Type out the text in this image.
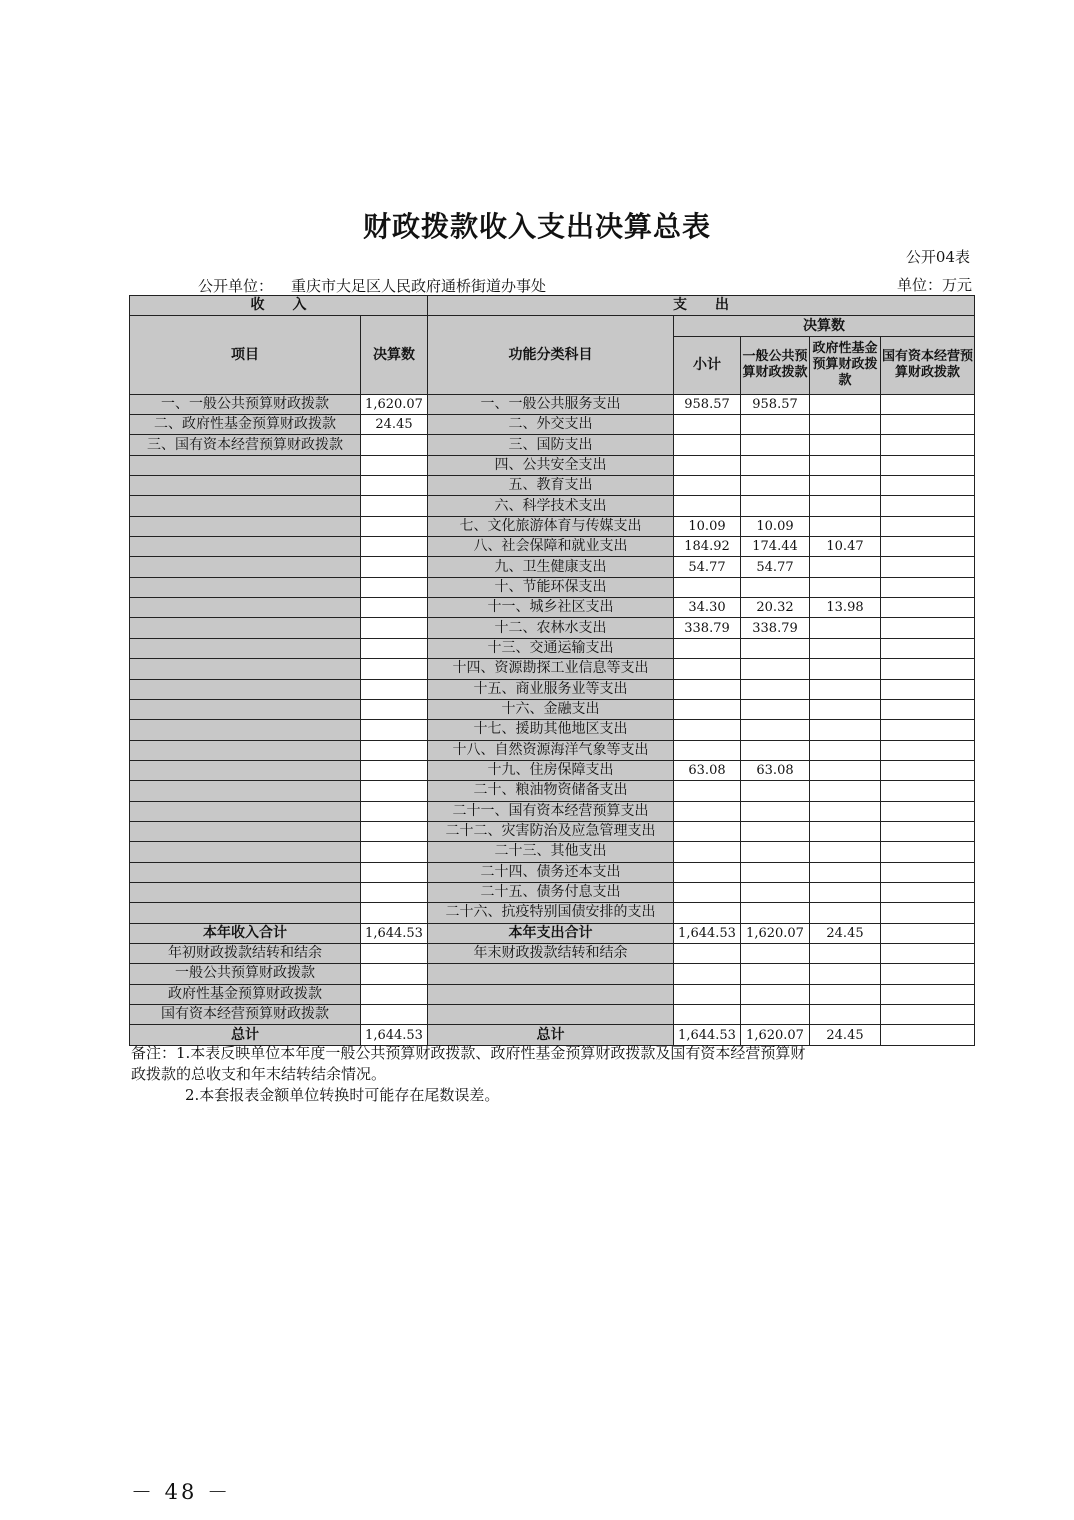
财政拨款收入支出决算总表
公开04表
公开单位： 重庆市大足区人民政府通桥街道办事处	单位：万元
收　　入		支　　出				
项目	决算数	功能分类科目	决算数			
			小计	一般公共预算财政拨款	政府性基金预算财政拨款	国有资本经营预算财政拨款
一、一般公共预算财政拨款	1,620.07	一、一般公共服务支出	958.57	958.57		
二、政府性基金预算财政拨款	24.45	二、外交支出				
三、国有资本经营预算财政拨款		三、国防支出				
		四、公共安全支出				
		五、教育支出				
		六、科学技术支出				
		七、文化旅游体育与传媒支出	10.09	10.09		
		八、社会保障和就业支出	184.92	174.44	10.47	
		九、卫生健康支出	54.77	54.77		
		十、节能环保支出				
		十一、城乡社区支出	34.30	20.32	13.98	
		十二、农林水支出	338.79	338.79		
		十三、交通运输支出				
		十四、资源勘探工业信息等支出				
		十五、商业服务业等支出				
		十六、金融支出				
		十七、援助其他地区支出				
		十八、自然资源海洋气象等支出				
		十九、住房保障支出	63.08	63.08		
		二十、粮油物资储备支出				
		二十一、国有资本经营预算支出				
		二十二、灾害防治及应急管理支出				
		二十三、其他支出				
		二十四、债务还本支出				
		二十五、债务付息支出				
		二十六、抗疫特别国债安排的支出				
本年收入合计	1,644.53	本年支出合计	1,644.53	1,620.07	24.45	
年初财政拨款结转和结余		年末财政拨款结转和结余				
一般公共预算财政拨款						
政府性基金预算财政拨款						
国有资本经营预算财政拨款						
总计	1,644.53	总计	1,644.53	1,620.07	24.45	
备注：1.本表反映单位本年度一般公共预算财政拨款、政府性基金预算财政拨款及国有资本经营预算财
政拨款的总收支和年末结转结余情况。
2.本套报表金额单位转换时可能存在尾数误差。
－ 48 －
